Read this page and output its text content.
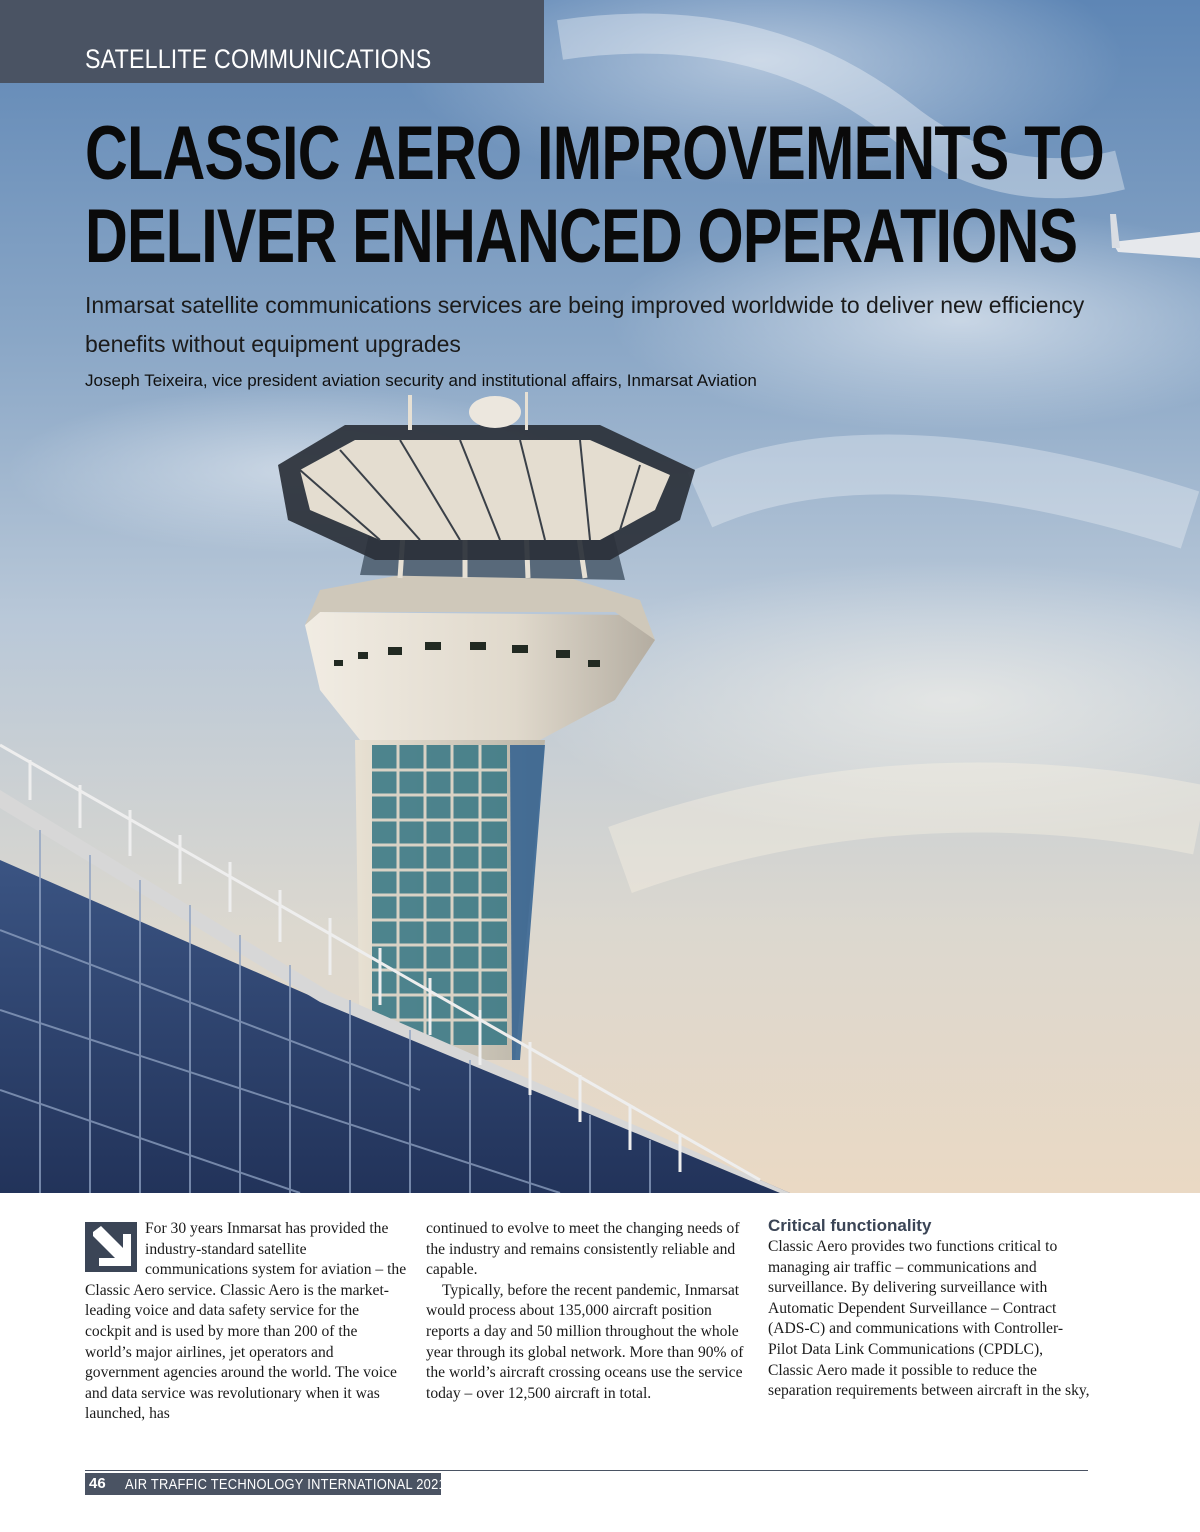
SATELLITE COMMUNICATIONS
CLASSIC AERO IMPROVEMENTS TO
DELIVER ENHANCED OPERATIONS

Inmarsat satellite communications services are being improved worldwide to deliver new efficiency benefits without equipment upgrades

Joseph Teixeira, vice president aviation security and institutional affairs, Inmarsat Aviation

For 30 years Inmarsat has provided the industry-standard satellite communications system for aviation – the Classic Aero service. Classic Aero is the market-leading voice and data safety service for the cockpit and is used by more than 200 of the world’s major airlines, jet operators and government agencies around the world. The voice and data service was revolutionary when it was launched, has

continued to evolve to meet the changing needs of the industry and remains consistently reliable and capable.

Typically, before the recent pandemic, Inmarsat would process about 135,000 aircraft position reports a day and 50 million throughout the whole year through its global network. More than 90% of the world’s aircraft crossing oceans use the service today – over 12,500 aircraft in total.

Critical functionality

Classic Aero provides two functions critical to managing air traffic – communications and surveillance. By delivering surveillance with Automatic Dependent Surveillance – Contract (ADS-C) and communications with Controller-Pilot Data Link Communications (CPDLC), Classic Aero made it possible to reduce the separation requirements between aircraft in the sky,

46 AIR TRAFFIC TECHNOLOGY INTERNATIONAL 2021
